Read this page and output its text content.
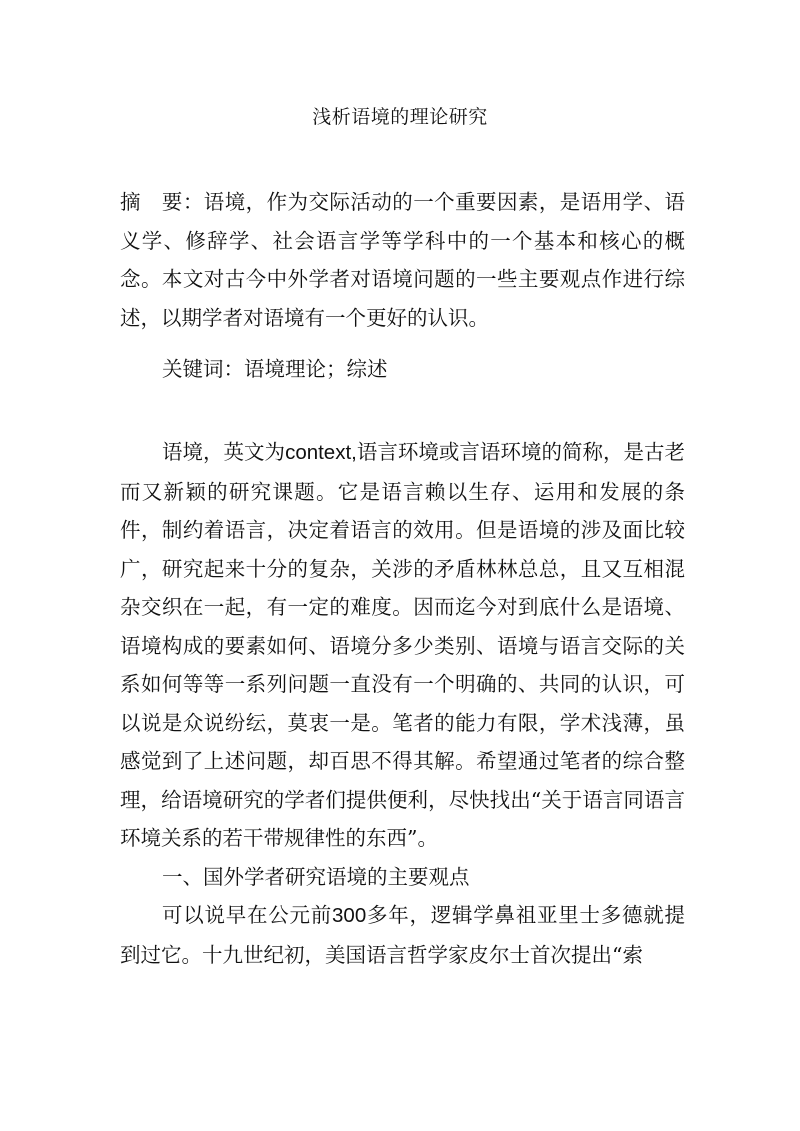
浅析语境的理论研究
摘　要：语境，作为交际活动的一个重要因素，是语用学、语义学、修辞学、社会语言学等学科中的一个基本和核心的概念。本文对古今中外学者对语境问题的一些主要观点作进行综述，以期学者对语境有一个更好的认识。
关键词：语境理论；综述

语境，英文为context,语言环境或言语环境的简称，是古老而又新颖的研究课题。它是语言赖以生存、运用和发展的条件，制约着语言，决定着语言的效用。但是语境的涉及面比较广，研究起来十分的复杂，关涉的矛盾林林总总，且又互相混杂交织在一起，有一定的难度。因而迄今对到底什么是语境、语境构成的要素如何、语境分多少类别、语境与语言交际的关系如何等等一系列问题一直没有一个明确的、共同的认识，可以说是众说纷纭，莫衷一是。笔者的能力有限，学术浅薄，虽感觉到了上述问题，却百思不得其解。希望通过笔者的综合整理，给语境研究的学者们提供便利，尽快找出“关于语言同语言环境关系的若干带规律性的东西”。

一、国外学者研究语境的主要观点

可以说早在公元前300多年，逻辑学鼻祖亚里士多德就提到过它。十九世纪初，美国语言哲学家皮尔士首次提出“索
